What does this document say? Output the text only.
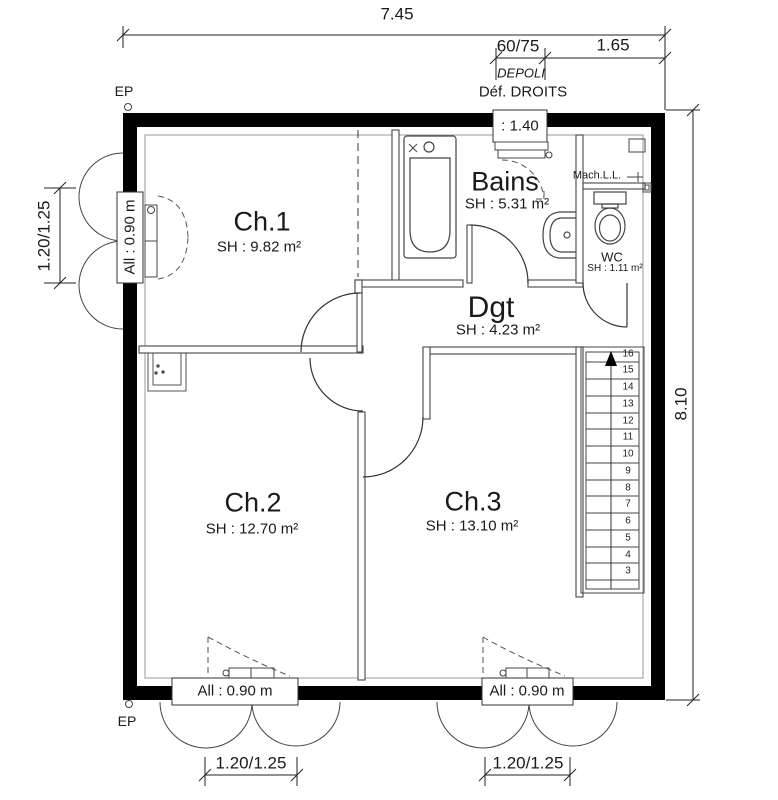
Ch.1
SH : 9.82 m²
Ch.2
SH : 12.70 m²
Ch.3
SH : 13.10 m²
Bains
SH : 5.31 m²
Dgt
SH : 4.23 m²
WC
SH : 1.11 m²
7.45
60/75	1.65
8.10
1.20/1.25
1.20/1.25	1.20/1.25
: 1.40
All : 0.90 m
All : 0.90 m	All : 0.90 m
EP
EP
DEPOLI
Déf. DROITS
Mach.L.L.
16
15
14
13
12
11
10
9
8
7
6
5
4
3
